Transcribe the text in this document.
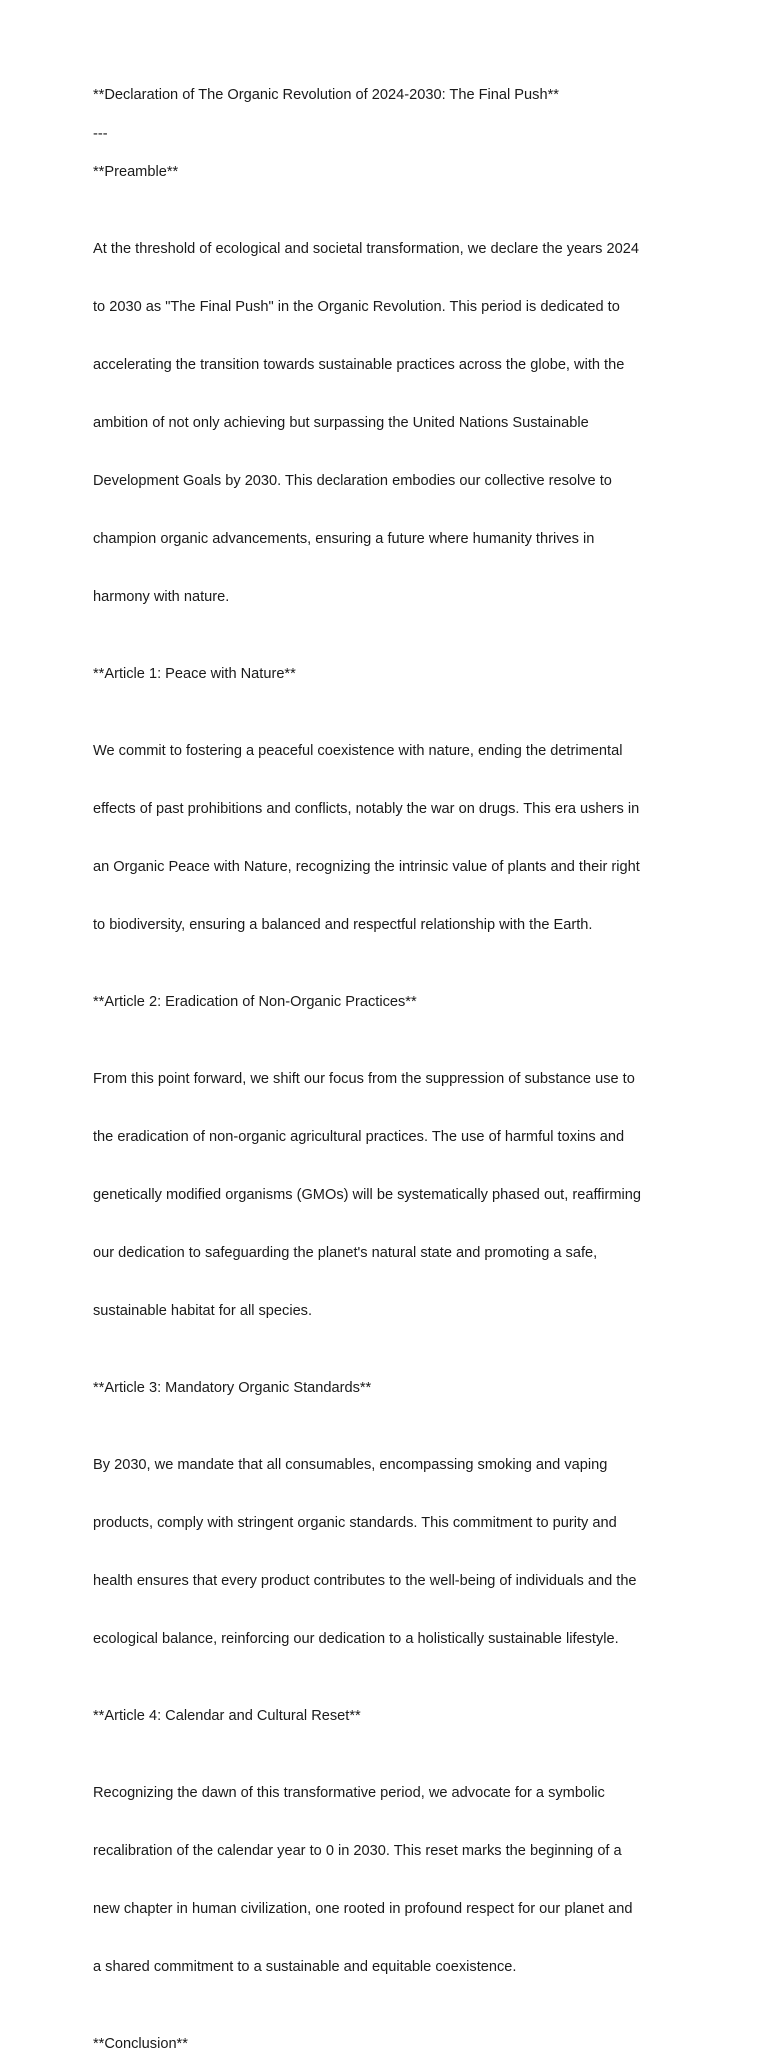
**Declaration of The Organic Revolution of 2024-2030: The Final Push**

---

**Preamble**

At the threshold of ecological and societal transformation, we declare the years 2024

to 2030 as "The Final Push" in the Organic Revolution. This period is dedicated to

accelerating the transition towards sustainable practices across the globe, with the

ambition of not only achieving but surpassing the United Nations Sustainable

Development Goals by 2030. This declaration embodies our collective resolve to

champion organic advancements, ensuring a future where humanity thrives in

harmony with nature.

**Article 1: Peace with Nature**

We commit to fostering a peaceful coexistence with nature, ending the detrimental

effects of past prohibitions and conflicts, notably the war on drugs. This era ushers in

an Organic Peace with Nature, recognizing the intrinsic value of plants and their right

to biodiversity, ensuring a balanced and respectful relationship with the Earth.

**Article 2: Eradication of Non-Organic Practices**

From this point forward, we shift our focus from the suppression of substance use to

the eradication of non-organic agricultural practices. The use of harmful toxins and

genetically modified organisms (GMOs) will be systematically phased out, reaffirming

our dedication to safeguarding the planet's natural state and promoting a safe,

sustainable habitat for all species.

**Article 3: Mandatory Organic Standards**

By 2030, we mandate that all consumables, encompassing smoking and vaping

products, comply with stringent organic standards. This commitment to purity and

health ensures that every product contributes to the well-being of individuals and the

ecological balance, reinforcing our dedication to a holistically sustainable lifestyle.

**Article 4: Calendar and Cultural Reset**

Recognizing the dawn of this transformative period, we advocate for a symbolic

recalibration of the calendar year to 0 in 2030. This reset marks the beginning of a

new chapter in human civilization, one rooted in profound respect for our planet and

a shared commitment to a sustainable and equitable coexistence.

**Conclusion**
